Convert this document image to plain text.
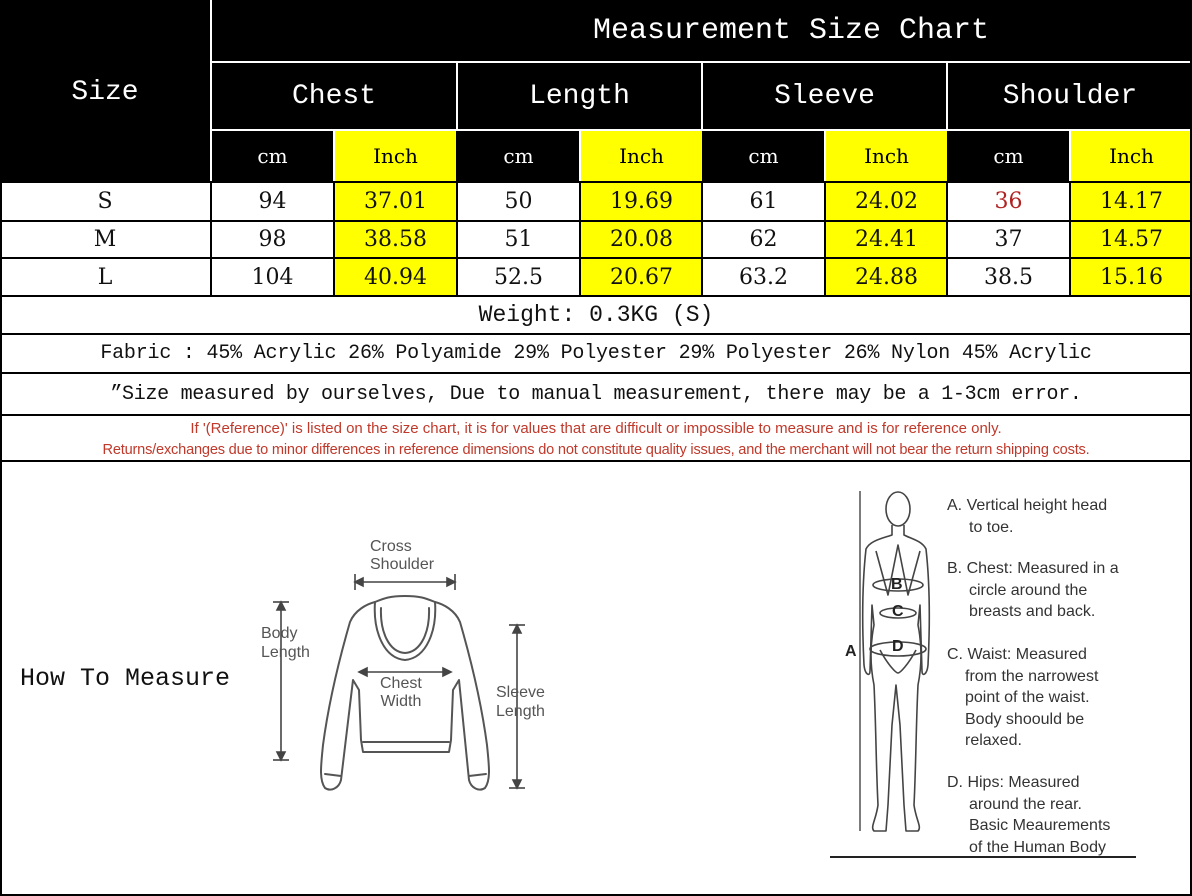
Size
Measurement Size Chart
Chest	Length	Sleeve	Shoulder
cm	Inch	cm	Inch	cm	Inch	cm	Inch
S	94	37.01	50	19.69	61	24.02	36	14.17
M	98	38.58	51	20.08	62	24.41	37	14.57
L	104	40.94	52.5	20.67	63.2	24.88	38.5	15.16
Weight: 0.3KG (S)
Fabric : 45% Acrylic 26% Polyamide 29% Polyester 29% Polyester 26% Nylon 45% Acrylic
”Size measured by ourselves, Due to manual measurement, there may be a 1-3cm error.
If '(Reference)' is listed on the size chart, it is for values that are difficult or impossible to measure and is for reference only.
Returns/exchanges due to minor differences in reference dimensions do not constitute quality issues, and the merchant will not bear the return shipping costs.
How To Measure
Cross
Shoulder
Body
Length
Chest
Width
Sleeve
Length
A
B
C
D
A. Vertical height head
to toe.
B. Chest: Measured in a
circle around the
breasts and back.
C. Waist: Measured
from the narrowest
point of the waist.
Body shoould be
relaxed.
D. Hips: Measured
around the rear.
Basic Meaurements
of the Human Body
